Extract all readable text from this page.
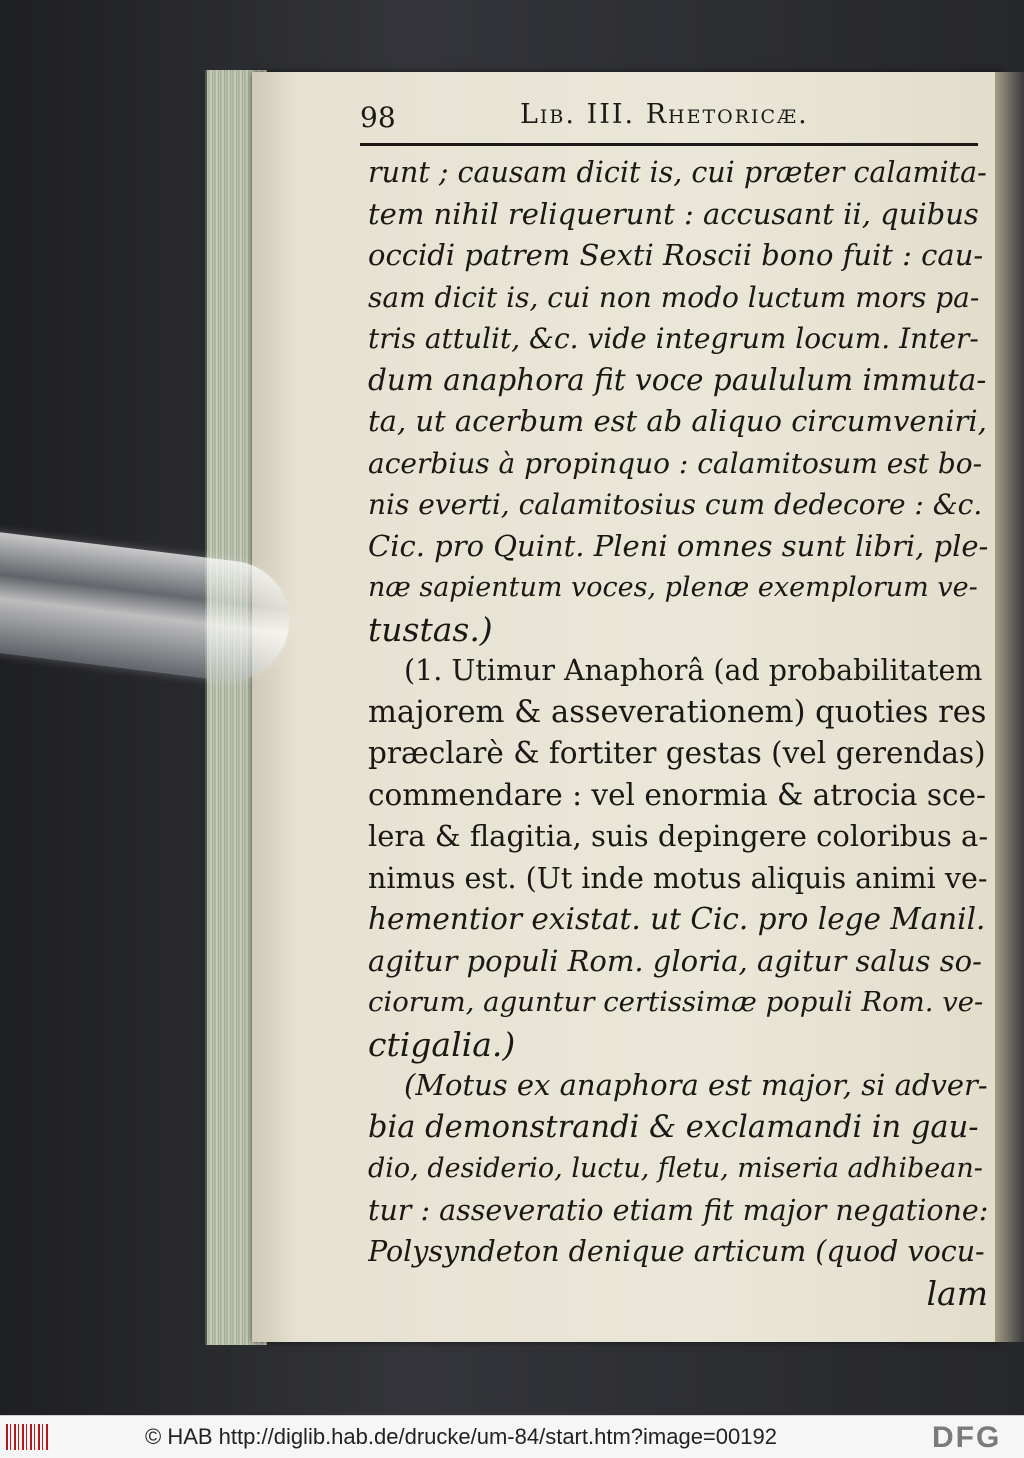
98	Lib. III. Rhetoricæ.
runt ; causam dicit is, cui præter calamita-
tem nihil reliquerunt : accusant ii, quibus
occidi patrem Sexti Roscii bono fuit : cau-
sam dicit is, cui non modo luctum mors pa-
tris attulit, &c. vide integrum locum. Inter-
dum anaphora fit voce paululum immuta-
ta, ut acerbum est ab aliquo circumveniri,
acerbius à propinquo : calamitosum est bo-
nis everti, calamitosius cum dedecore : &c.
Cic. pro Quint. Pleni omnes sunt libri, ple-
næ sapientum voces, plenæ exemplorum ve-
tustas.)
(1. Utimur Anaphorâ (ad probabilitatem
majorem & asseverationem) quoties res
præclarè & fortiter gestas (vel gerendas)
commendare : vel enormia & atrocia sce-
lera & flagitia, suis depingere coloribus a-
nimus est. (Ut inde motus aliquis animi ve-
hementior existat. ut Cic. pro lege Manil.
agitur populi Rom. gloria, agitur salus so-
ciorum, aguntur certissimæ populi Rom. ve-
ctigalia.)
(Motus ex anaphora est major, si adver-
bia demonstrandi & exclamandi in gau-
dio, desiderio, luctu, fletu, miseria adhibean-
tur : asseveratio etiam fit major negatione:
Polysyndeton denique articum (quod vocu-
lam
© HAB http://diglib.hab.de/drucke/um-84/start.htm?image=00192	DFG
